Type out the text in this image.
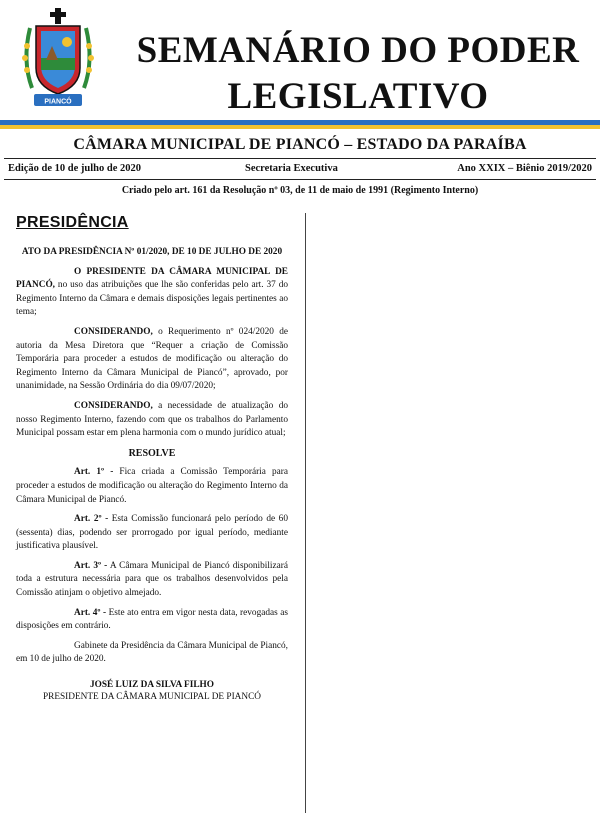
PIANCÓ
SEMANÁRIO DO PODER
LEGISLATIVO
CÂMARA MUNICIPAL DE PIANCÓ – ESTADO DA PARAÍBA
Edição de 10 de julho de 2020	Secretaria Executiva	Ano XXIX – Biênio 2019/2020
Criado pelo art. 161 da Resolução nº 03, de 11 de maio de 1991 (Regimento Interno)
PRESIDÊNCIA

ATO DA PRESIDÊNCIA Nº 01/2020, DE 10 DE JULHO DE 2020

O PRESIDENTE DA CÂMARA MUNICIPAL DE PIANCÓ, no uso das atribuições que lhe são conferidas pelo art. 37 do Regimento Interno da Câmara e demais disposições legais pertinentes ao tema;

CONSIDERANDO, o Requerimento nº 024/2020 de autoria da Mesa Diretora que “Requer a criação de Comissão Temporária para proceder a estudos de modificação ou alteração do Regimento Interno da Câmara Municipal de Piancó”, aprovado, por unanimidade, na Sessão Ordinária do dia 09/07/2020;

CONSIDERANDO, a necessidade de atualização do nosso Regimento Interno, fazendo com que os trabalhos do Parlamento Municipal possam estar em plena harmonia com o mundo jurídico atual;

RESOLVE

Art. 1º - Fica criada a Comissão Temporária para proceder a estudos de modificação ou alteração do Regimento Interno da Câmara Municipal de Piancó.

Art. 2º - Esta Comissão funcionará pelo período de 60 (sessenta) dias, podendo ser prorrogado por igual período, mediante justificativa plausível.

Art. 3º - A Câmara Municipal de Piancó disponibilizará toda a estrutura necessária para que os trabalhos desenvolvidos pela Comissão atinjam o objetivo almejado.

Art. 4º - Este ato entra em vigor nesta data, revogadas as disposições em contrário.

Gabinete da Presidência da Câmara Municipal de Piancó, em 10 de julho de 2020.

JOSÉ LUIZ DA SILVA FILHO
PRESIDENTE DA CÂMARA MUNICIPAL DE PIANCÓ
